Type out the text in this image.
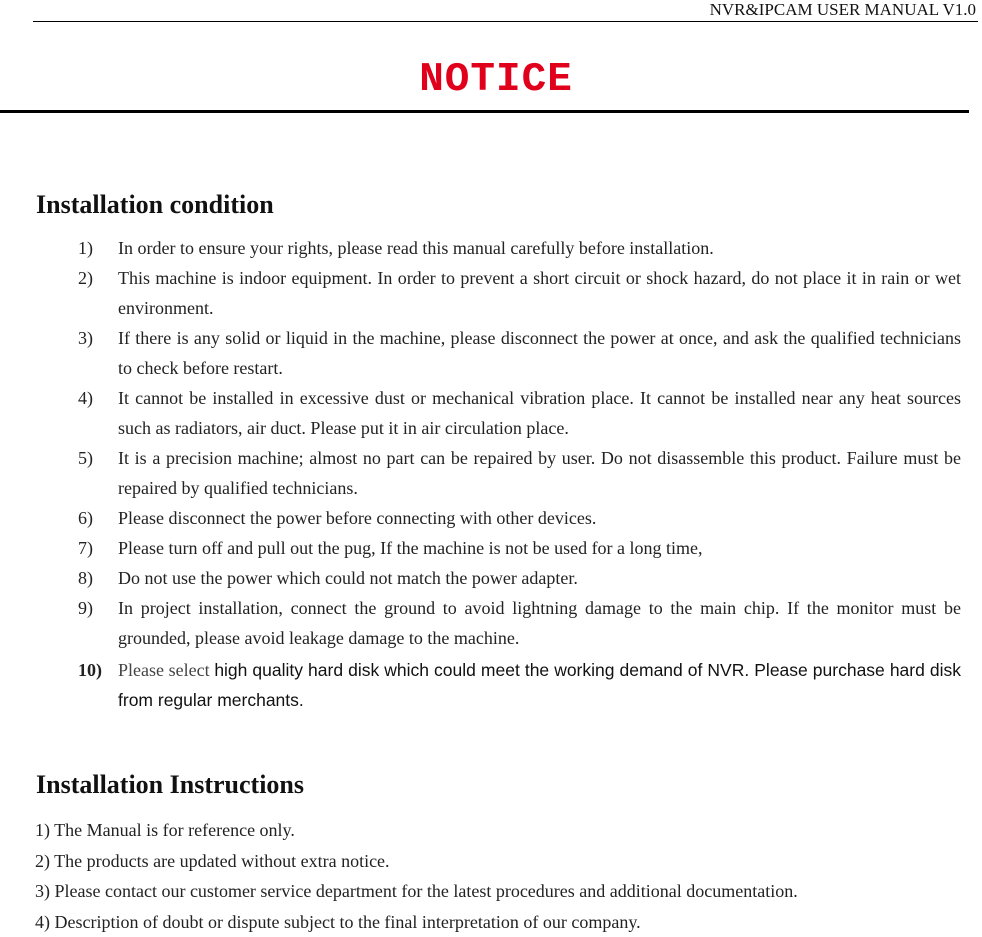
NVR&IPCAM USER MANUAL V1.0
NOTICE
Installation condition
1) In order to ensure your rights, please read this manual carefully before installation.
2) This machine is indoor equipment. In order to prevent a short circuit or shock hazard, do not place it in rain or wet environment.
3) If there is any solid or liquid in the machine, please disconnect the power at once, and ask the qualified technicians to check before restart.
4) It cannot be installed in excessive dust or mechanical vibration place. It cannot be installed near any heat sources such as radiators, air duct. Please put it in air circulation place.
5) It is a precision machine; almost no part can be repaired by user. Do not disassemble this product. Failure must be repaired by qualified technicians.
6) Please disconnect the power before connecting with other devices.
7) Please turn off and pull out the pug, If the machine is not be used for a long time,
8) Do not use the power which could not match the power adapter.
9) In project installation, connect the ground to avoid lightning damage to the main chip. If the monitor must be grounded, please avoid leakage damage to the machine.
10) Please select high quality hard disk which could meet the working demand of NVR. Please purchase hard disk from regular merchants.
Installation Instructions
1) The Manual is for reference only.
2) The products are updated without extra notice.
3) Please contact our customer service department for the latest procedures and additional documentation.
4) Description of doubt or dispute subject to the final interpretation of our company.
